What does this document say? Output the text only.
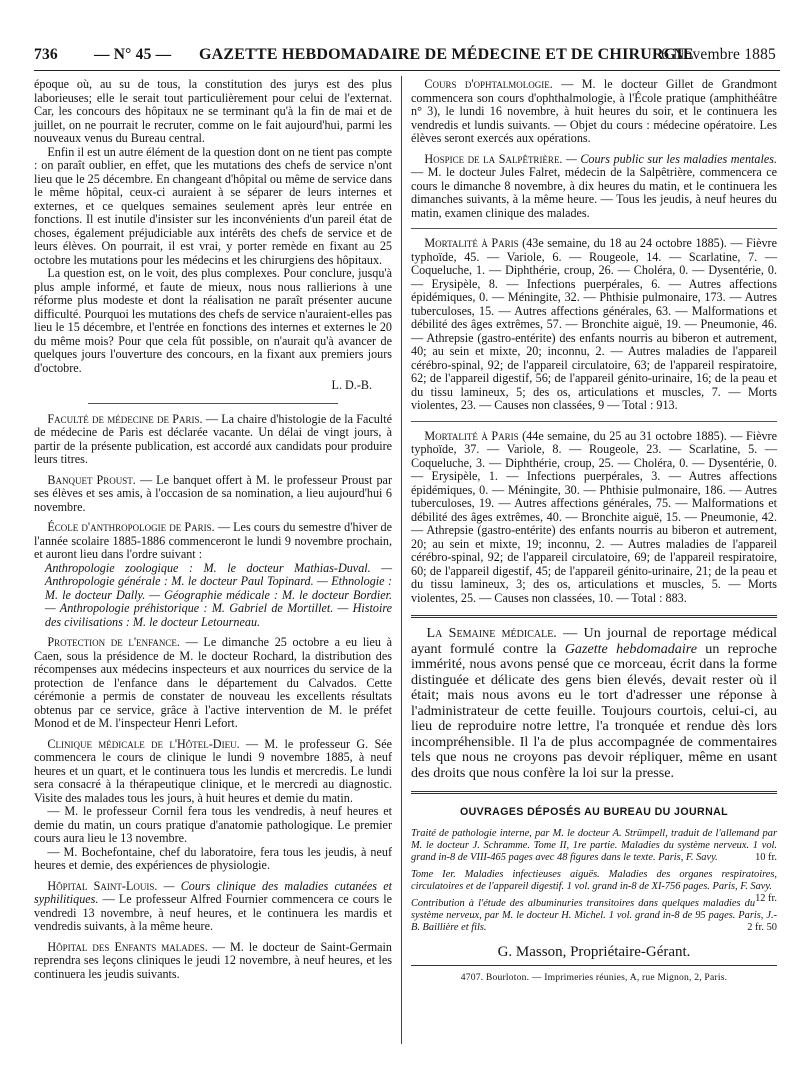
736 — N° 45 — GAZETTE HEBDOMADAIRE DE MÉDECINE ET DE CHIRURGIE
6 Novembre 1885

époque où, au su de tous, la constitution des jurys est des plus laborieuses; elle le serait tout particulièrement pour celui de l'externat. Car, les concours des hôpitaux ne se terminant qu'à la fin de mai et de juillet, on ne pourrait le recruter, comme on le fait aujourd'hui, parmi les nouveaux venus du Bureau central.

Enfin il est un autre élément de la question dont on ne tient pas compte : on paraît oublier, en effet, que les mutations des chefs de service n'ont lieu que le 25 décembre. En changeant d'hôpital ou même de service dans le même hôpital, ceux-ci auraient à se séparer de leurs internes et externes, et ce quelques semaines seulement après leur entrée en fonctions. Il est inutile d'insister sur les inconvénients d'un pareil état de choses, également préjudiciable aux intérêts des chefs de service et de leurs élèves. On pourrait, il est vrai, y porter remède en fixant au 25 octobre les mutations pour les médecins et les chirurgiens des hôpitaux.

La question est, on le voit, des plus complexes. Pour conclure, jusqu'à plus ample informé, et faute de mieux, nous nous rallierions à une réforme plus modeste et dont la réalisation ne paraît présenter aucune difficulté. Pourquoi les mutations des chefs de service n'auraient-elles pas lieu le 15 décembre, et l'entrée en fonctions des internes et externes le 20 du même mois? Pour que cela fût possible, on n'aurait qu'à avancer de quelques jours l'ouverture des concours, en la fixant aux premiers jours d'octobre.

L. D.-B.

Faculté de médecine de Paris. — La chaire d'histologie de la Faculté de médecine de Paris est déclarée vacante. Un délai de vingt jours, à partir de la présente publication, est accordé aux candidats pour produire leurs titres.

Banquet Proust. — Le banquet offert à M. le professeur Proust par ses élèves et ses amis, à l'occasion de sa nomination, a lieu aujourd'hui 6 novembre.

École d'anthropologie de Paris. — Les cours du semestre d'hiver de l'année scolaire 1885-1886 commenceront le lundi 9 novembre prochain, et auront lieu dans l'ordre suivant :

Anthropologie zoologique : M. le docteur Mathias-Duval. — Anthropologie générale : M. le docteur Paul Topinard. — Ethnologie : M. le docteur Dally. — Géographie médicale : M. le docteur Bordier. — Anthropologie préhistorique : M. Gabriel de Mortillet. — Histoire des civilisations : M. le docteur Letourneau.

Protection de l'enfance. — Le dimanche 25 octobre a eu lieu à Caen, sous la présidence de M. le docteur Rochard, la distribution des récompenses aux médecins inspecteurs et aux nourrices du service de la protection de l'enfance dans le département du Calvados. Cette cérémonie a permis de constater de nouveau les excellents résultats obtenus par ce service, grâce à l'active intervention de M. le préfet Monod et de M. l'inspecteur Henri Lefort.

Clinique médicale de l'Hôtel-Dieu. — M. le professeur G. Sée commencera le cours de clinique le lundi 9 novembre 1885, à neuf heures et un quart, et le continuera tous les lundis et mercredis. Le lundi sera consacré à la thérapeutique clinique, et le mercredi au diagnostic. Visite des malades tous les jours, à huit heures et demie du matin.

— M. le professeur Cornil fera tous les vendredis, à neuf heures et demie du matin, un cours pratique d'anatomie pathologique. Le premier cours aura lieu le 13 novembre.

— M. Bochefontaine, chef du laboratoire, fera tous les jeudis, à neuf heures et demie, des expériences de physiologie.

Hôpital Saint-Louis. — Cours clinique des maladies cutanées et syphilitiques. — Le professeur Alfred Fournier commencera ce cours le vendredi 13 novembre, à neuf heures, et le continuera les mardis et vendredis suivants, à la même heure.

Hôpital des Enfants malades. — M. le docteur de Saint-Germain reprendra ses leçons cliniques le jeudi 12 novembre, à neuf heures, et les continuera les jeudis suivants.

Cours d'ophtalmologie. — M. le docteur Gillet de Grandmont commencera son cours d'ophthalmologie, à l'École pratique (amphithéâtre n° 3), le lundi 16 novembre, à huit heures du soir, et le continuera les vendredis et lundis suivants. — Objet du cours : médecine opératoire. Les élèves seront exercés aux opérations.

Hospice de la Salpêtrière. — Cours public sur les maladies mentales. — M. le docteur Jules Falret, médecin de la Salpêtrière, commencera ce cours le dimanche 8 novembre, à dix heures du matin, et le continuera les dimanches suivants, à la même heure. — Tous les jeudis, à neuf heures du matin, examen clinique des malades.

Mortalité à Paris (43e semaine, du 18 au 24 octobre 1885). — Fièvre typhoïde, 45. — Variole, 6. — Rougeole, 14. — Scarlatine, 7. — Coqueluche, 1. — Diphthérie, croup, 26. — Choléra, 0. — Dysentérie, 0. — Erysipèle, 8. — Infections puerpérales, 6. — Autres affections épidémiques, 0. — Méningite, 32. — Phthisie pulmonaire, 173. — Autres tuberculoses, 15. — Autres affections générales, 63. — Malformations et débilité des âges extrêmes, 57. — Bronchite aiguë, 19. — Pneumonie, 46. — Athrepsie (gastro-entérite) des enfants nourris au biberon et autrement, 40; au sein et mixte, 20; inconnu, 2. — Autres maladies de l'appareil cérébro-spinal, 92; de l'appareil circulatoire, 63; de l'appareil respiratoire, 62; de l'appareil digestif, 56; de l'appareil génito-urinaire, 16; de la peau et du tissu lamineux, 5; des os, articulations et muscles, 7. — Morts violentes, 23. — Causes non classées, 9 — Total : 913.

Mortalité à Paris (44e semaine, du 25 au 31 octobre 1885). — Fièvre typhoïde, 37. — Variole, 8. — Rougeole, 23. — Scarlatine, 5. — Coqueluche, 3. — Diphthérie, croup, 25. — Choléra, 0. — Dysentérie, 0. — Erysipèle, 1. — Infections puerpérales, 3. — Autres affections épidémiques, 0. — Méningite, 30. — Phthisie pulmonaire, 186. — Autres tuberculoses, 19. — Autres affections générales, 75. — Malformations et débilité des âges extrêmes, 40. — Bronchite aiguë, 15. — Pneumonie, 42. — Athrepsie (gastro-entérite) des enfants nourris au biberon et autrement, 20; au sein et mixte, 19; inconnu, 2. — Autres maladies de l'appareil cérébro-spinal, 92; de l'appareil circulatoire, 69; de l'appareil respiratoire, 60; de l'appareil digestif, 45; de l'appareil génito-urinaire, 21; de la peau et du tissu lamineux, 3; des os, articulations et muscles, 5. — Morts violentes, 25. — Causes non classées, 10. — Total : 883.

La Semaine médicale. — Un journal de reportage médical ayant formulé contre la Gazette hebdomadaire un reproche immérité, nous avons pensé que ce morceau, écrit dans la forme distinguée et délicate des gens bien élevés, devait rester où il était; mais nous avons eu le tort d'adresser une réponse à l'administrateur de cette feuille. Toujours courtois, celui-ci, au lieu de reproduire notre lettre, l'a tronquée et rendue dès lors incompréhensible. Il l'a de plus accompagnée de commentaires tels que nous ne croyons pas devoir répliquer, même en usant des droits que nous confère la loi sur la presse.

OUVRAGES DÉPOSÉS AU BUREAU DU JOURNAL

Traité de pathologie interne, par M. le docteur A. Strümpell, traduit de l'allemand par M. le docteur J. Schramme. Tome II, 1re partie. Maladies du système nerveux. 1 vol. grand in-8 de VIII-465 pages avec 48 figures dans le texte. Paris, F. Savy.	10 fr.

Tome Ier. Maladies infectieuses aiguës. Maladies des organes respiratoires, circulatoires et de l'appareil digestif. 1 vol. grand in-8 de XI-756 pages. Paris, F. Savy.
12 fr.

Contribution à l'étude des albuminuries transitoires dans quelques maladies du système nerveux, par M. le docteur H. Michel. 1 vol. grand in-8 de 95 pages. Paris, J.-B. Baillière et fils.	2 fr. 50

G. Masson, Propriétaire-Gérant.

4707. Bourloton. — Imprimeries réunies, A, rue Mignon, 2, Paris.
